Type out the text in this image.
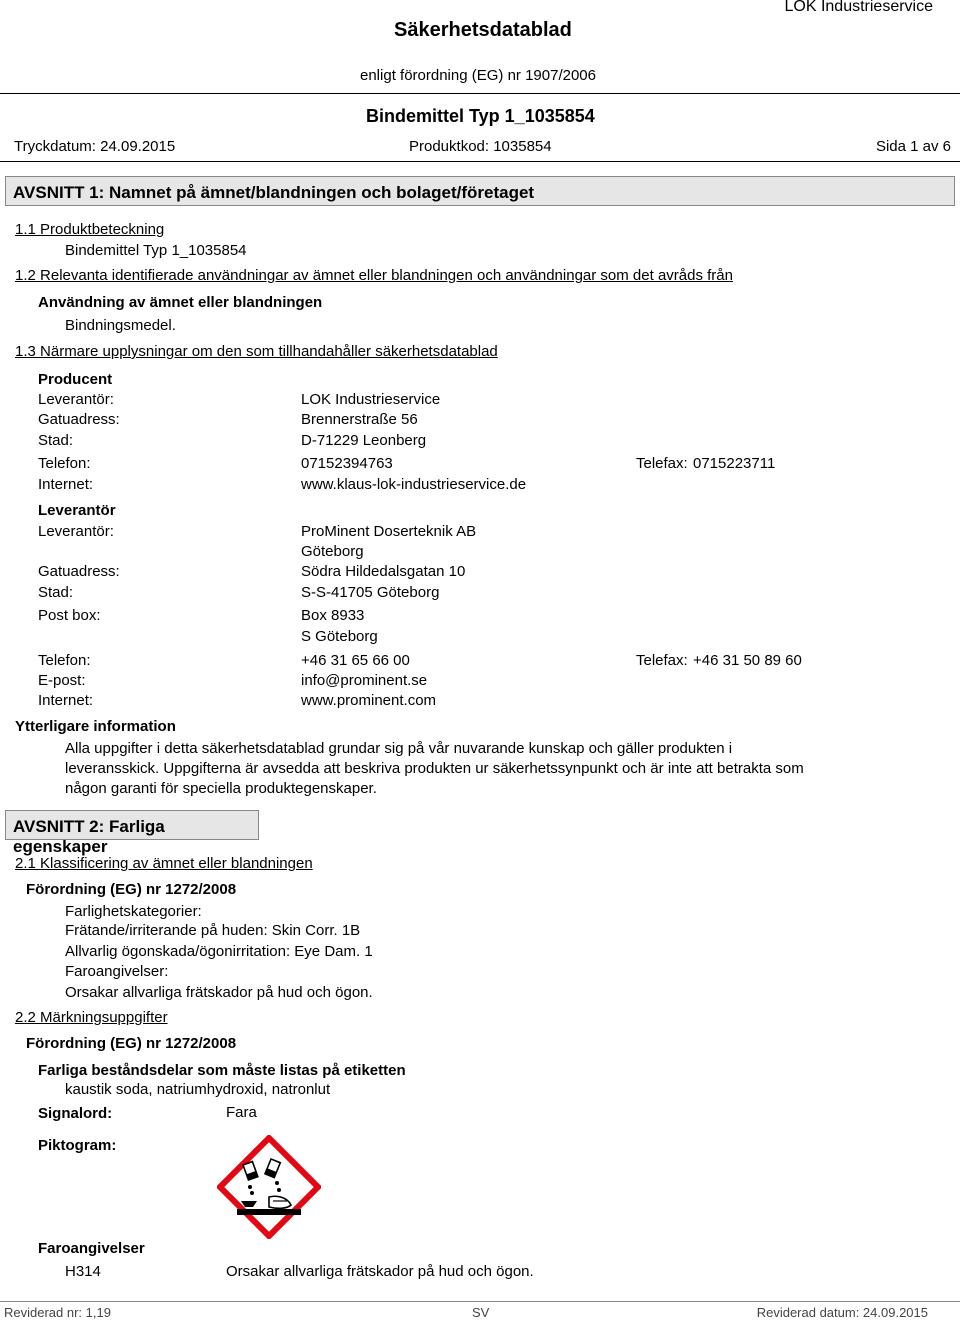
Säkerhetsdatablad
LOK Industrieservice
enligt förordning (EG) nr 1907/2006
Bindemittel Typ 1_1035854
Tryckdatum: 24.09.2015	Produktkod: 1035854	Sida 1 av 6
AVSNITT 1: Namnet på ämnet/blandningen och bolaget/företaget
1.1 Produktbeteckning
Bindemittel Typ 1_1035854
1.2 Relevanta identifierade användningar av ämnet eller blandningen och användningar som det avråds från
Användning av ämnet eller blandningen
Bindningsmedel.
1.3 Närmare upplysningar om den som tillhandahåller säkerhetsdatablad
Producent
Leverantör:	LOK Industrieservice
Gatuadress:	Brennerstraße 56
Stad:	D-71229 Leonberg
Telefon:	07152394763	Telefax: 0715223711
Internet:	www.klaus-lok-industrieservice.de
Leverantör
Leverantör:	ProMinent Doserteknik AB
Göteborg
Gatuadress:	Södra Hildedalsgatan 10
Stad:	S-S-41705 Göteborg
Post box:	Box 8933
S Göteborg
Telefon:	+46 31 65 66 00	Telefax: +46 31 50 89 60
E-post:	info@prominent.se
Internet:	www.prominent.com
Ytterligare information
Alla uppgifter i detta säkerhetsdatablad grundar sig på vår nuvarande kunskap och gäller produkten i leveransskick. Uppgifterna är avsedda att beskriva produkten ur säkerhetssynpunkt och är inte att betrakta som någon garanti för speciella produktegenskaper.
AVSNITT 2: Farliga egenskaper
2.1 Klassificering av ämnet eller blandningen
Förordning (EG) nr 1272/2008
Farlighetskategorier:
Frätande/irriterande på huden: Skin Corr. 1B
Allvarlig ögonskada/ögonirritation: Eye Dam. 1
Faroangivelser:
Orsakar allvarliga frätskador på hud och ögon.
2.2 Märkningsuppgifter
Förordning (EG) nr 1272/2008
Farliga beståndsdelar som måste listas på etiketten
kaustik soda, natriumhydroxid, natronlut
Signalord:	Fara
Piktogram:
Faroangivelser
H314	Orsakar allvarliga frätskador på hud och ögon.
Reviderad nr: 1,19	SV	Reviderad datum: 24.09.2015
